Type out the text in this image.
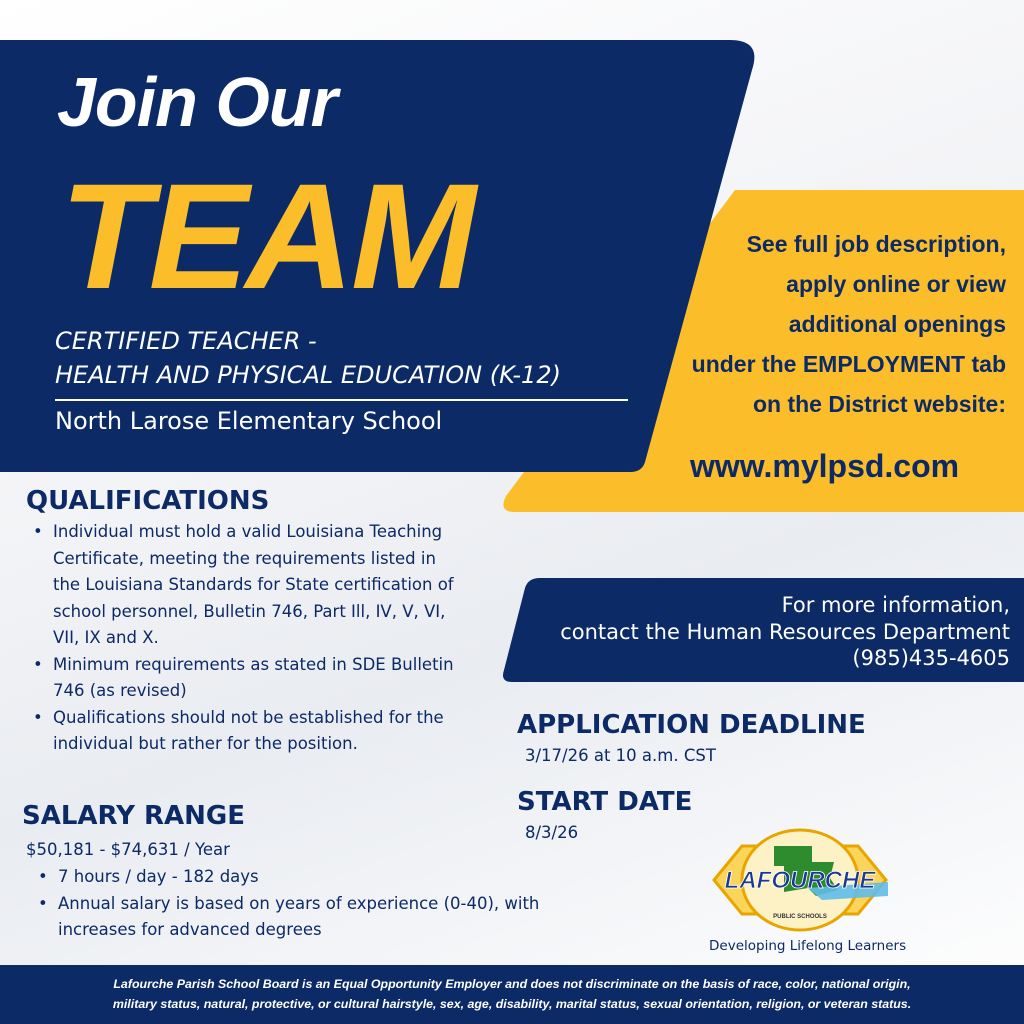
Join Our
TEAM
CERTIFIED TEACHER -
HEALTH AND PHYSICAL EDUCATION (K-12)
North Larose Elementary School
See full job description,
apply online or view
additional openings
under the EMPLOYMENT tab
on the District website:
www.mylpsd.com
QUALIFICATIONS
• Individual must hold a valid Louisiana Teaching Certificate, meeting the requirements listed in the Louisiana Standards for State certification of school personnel, Bulletin 746, Part Ill, IV, V, VI, VII, IX and X.
• Minimum requirements as stated in SDE Bulletin 746 (as revised)
• Qualifications should not be established for the individual but rather for the position.
SALARY RANGE
$50,181 - $74,631 / Year
• 7 hours / day - 182 days
• Annual salary is based on years of experience (0-40), with increases for advanced degrees
For more information,
contact the Human Resources Department
(985)435-4605
APPLICATION DEADLINE
3/17/26 at 10 a.m. CST
START DATE
8/3/26
LAFOURCHE
PUBLIC SCHOOLS
Developing Lifelong Learners
Lafourche Parish School Board is an Equal Opportunity Employer and does not discriminate on the basis of race, color, national origin,
military status, natural, protective, or cultural hairstyle, sex, age, disability, marital status, sexual orientation, religion, or veteran status.
